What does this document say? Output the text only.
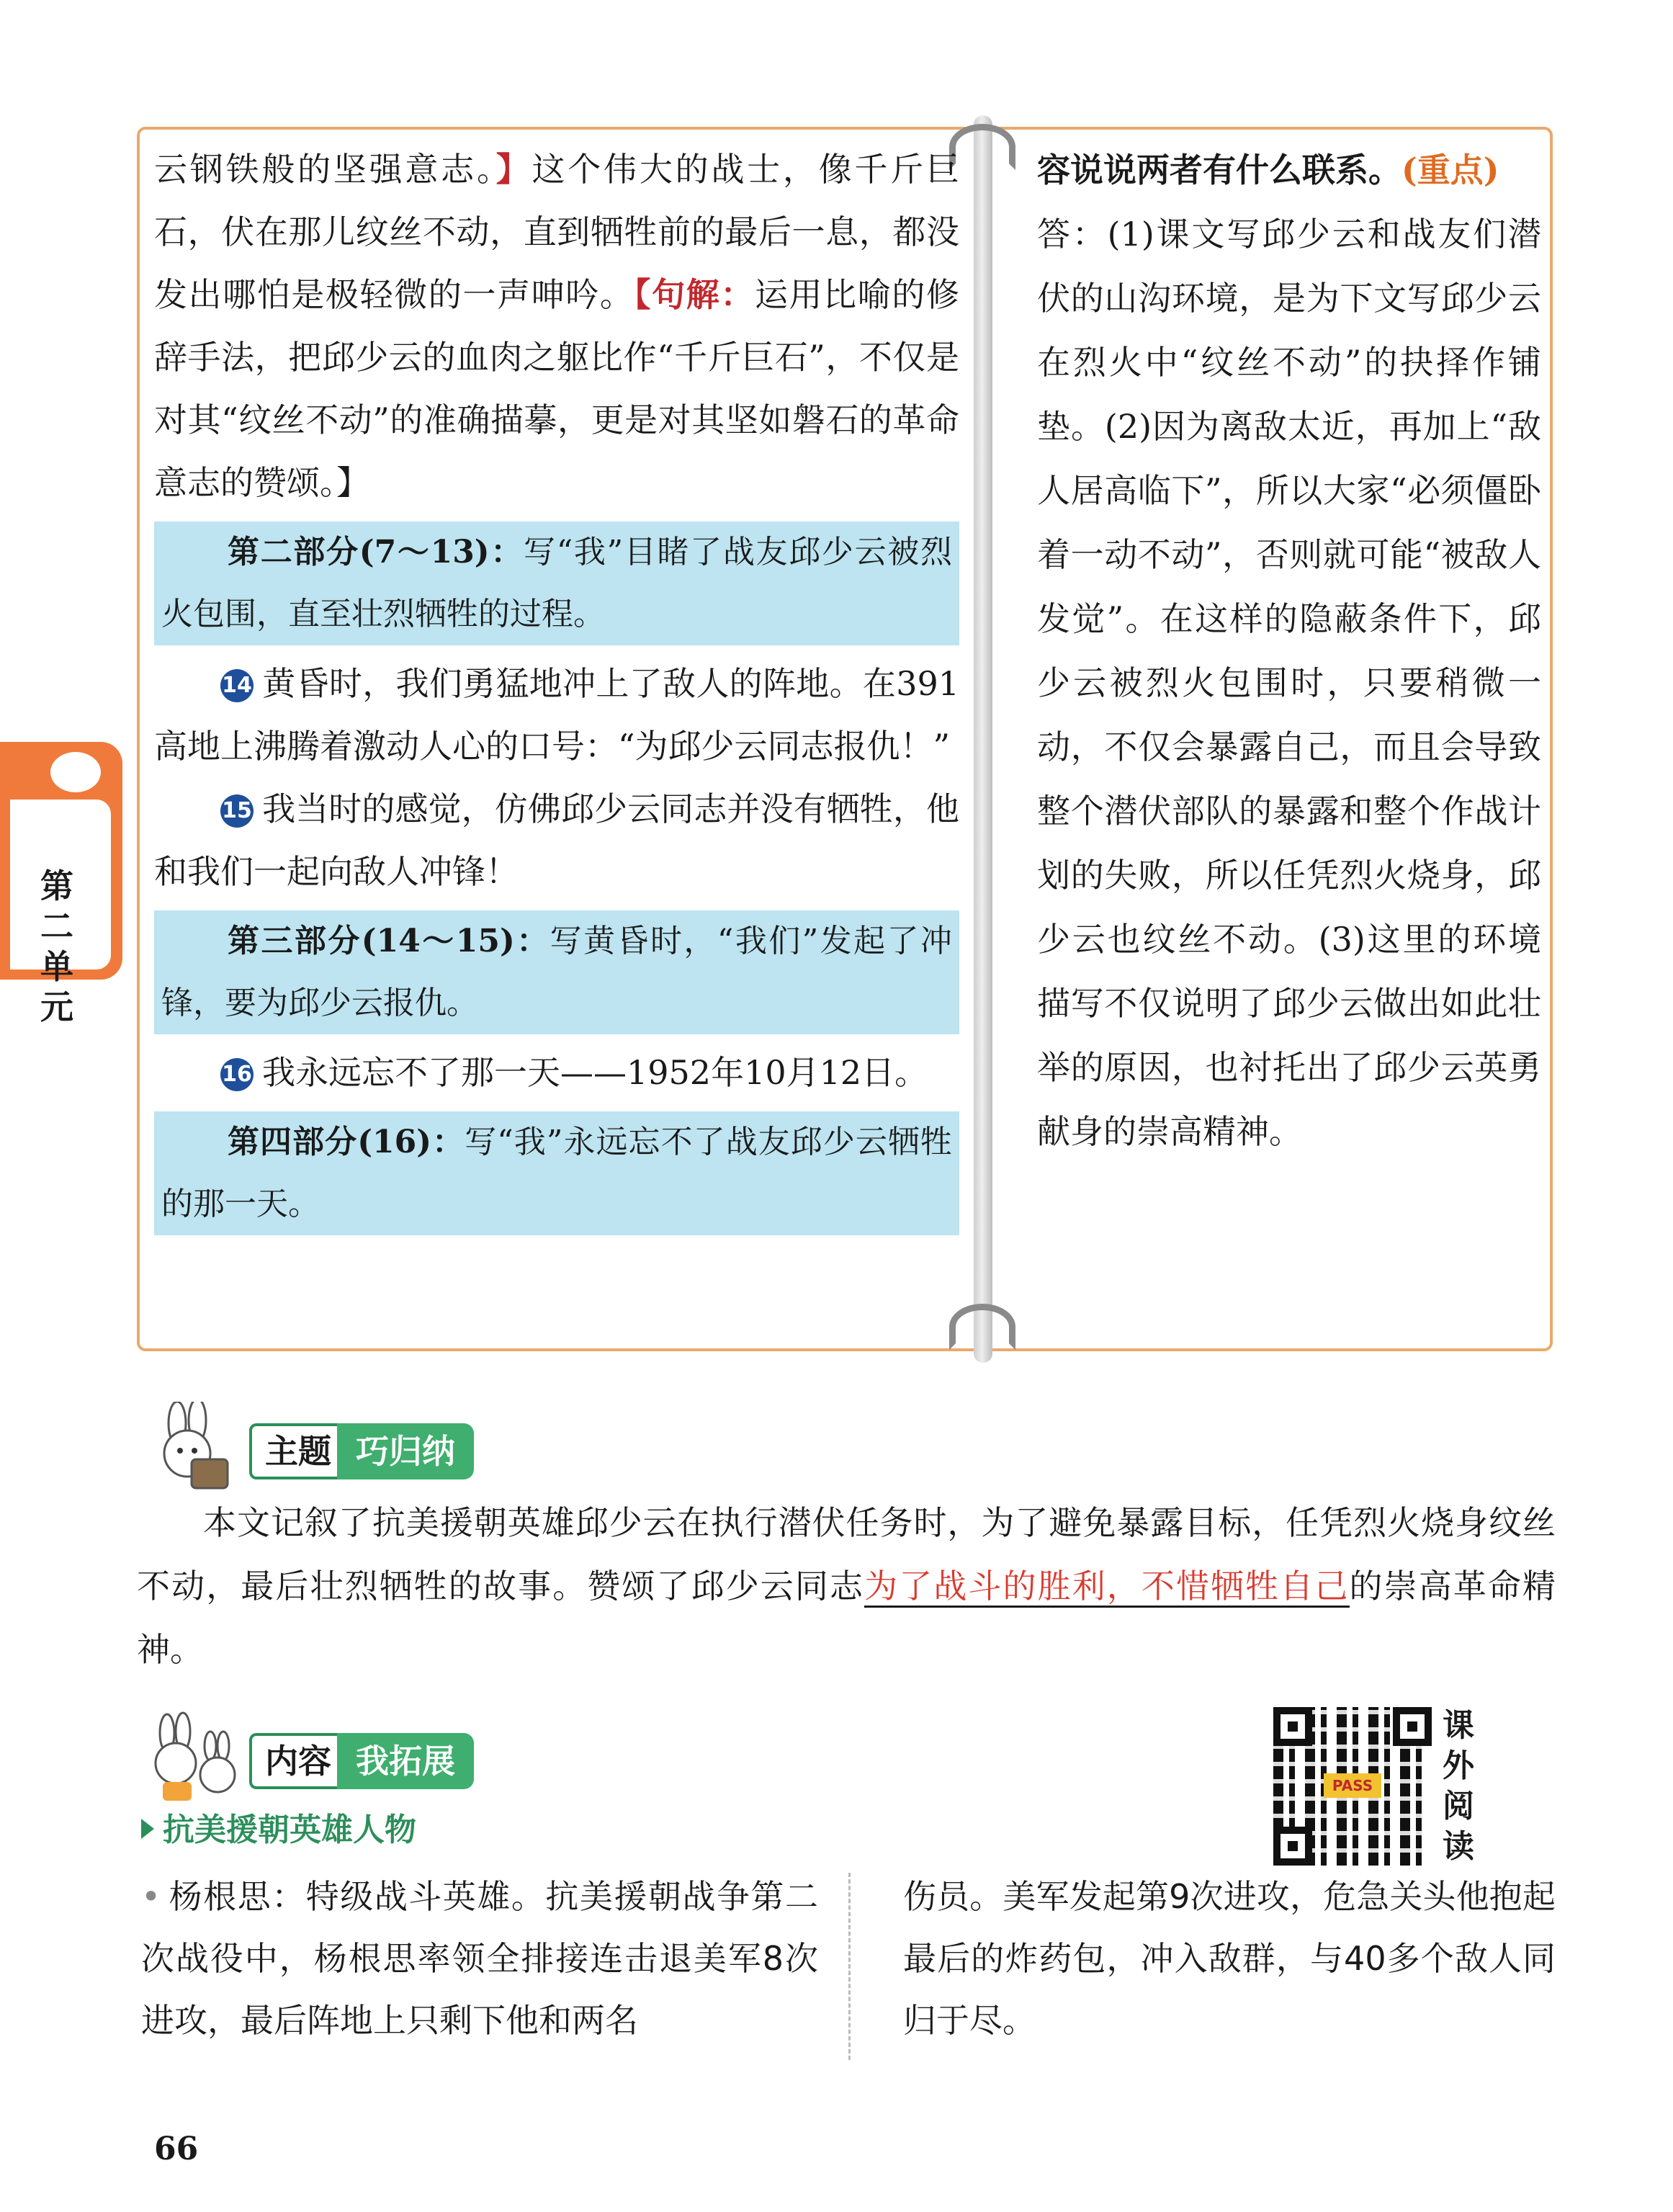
云钢铁般的坚强意志。】这个伟大的战士，像千斤巨石，伏在那儿纹丝不动，直到牺牲前的最后一息，都没发出哪怕是极轻微的一声呻吟。【句解：运用比喻的修辞手法，把邱少云的血肉之躯比作“千斤巨石”，不仅是对其“纹丝不动”的准确描摹，更是对其坚如磐石的革命意志的赞颂。】

第二部分(7～13)：写“我”目睹了战友邱少云被烈火包围，直至壮烈牺牲的过程。

14 黄昏时，我们勇猛地冲上了敌人的阵地。在391高地上沸腾着激动人心的口号：“为邱少云同志报仇！”

15 我当时的感觉，仿佛邱少云同志并没有牺牲，他和我们一起向敌人冲锋！

第三部分(14～15)：写黄昏时，“我们”发起了冲锋，要为邱少云报仇。

16 我永远忘不了那一天——1952年10月12日。

第四部分(16)：写“我”永远忘不了战友邱少云牺牲的那一天。

容说说两者有什么联系。(重点)

答：(1)课文写邱少云和战友们潜伏的山沟环境，是为下文写邱少云在烈火中“纹丝不动”的抉择作铺垫。(2)因为离敌太近，再加上“敌人居高临下”，所以大家“必须僵卧着一动不动”，否则就可能“被敌人发觉”。在这样的隐蔽条件下，邱少云被烈火包围时，只要稍微一动，不仅会暴露自己，而且会导致整个潜伏部队的暴露和整个作战计划的失败，所以任凭烈火烧身，邱少云也纹丝不动。(3)这里的环境描写不仅说明了邱少云做出如此壮举的原因，也衬托出了邱少云英勇献身的崇高精神。

第二单元
主题 巧归纳

本文记叙了抗美援朝英雄邱少云在执行潜伏任务时，为了避免暴露目标，任凭烈火烧身纹丝不动，最后壮烈牺牲的故事。赞颂了邱少云同志为了战斗的胜利，不惜牺牲自己的崇高革命精神。

内容 我拓展
抗美援朝英雄人物

• 杨根思：特级战斗英雄。抗美援朝战争第二次战役中，杨根思率领全排接连击退美军8次进攻，最后阵地上只剩下他和两名

伤员。美军发起第9次进攻，危急关头他抱起最后的炸药包，冲入敌群，与40多个敌人同归于尽。

PASS
课
外
阅
读
66
